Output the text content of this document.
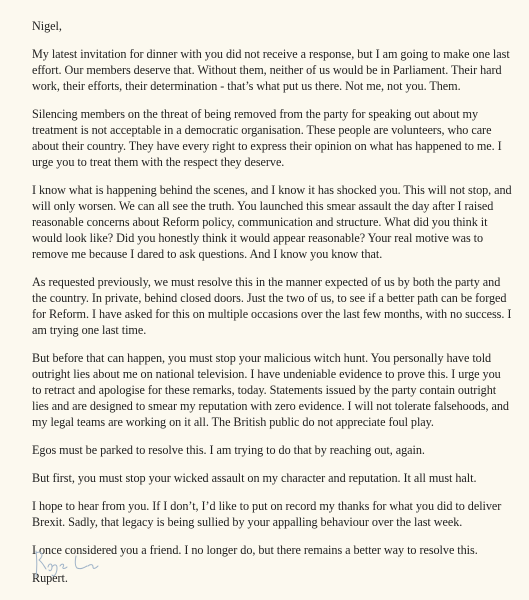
Nigel,

My latest invitation for dinner with you did not receive a response, but I am going to make one last effort. Our members deserve that. Without them, neither of us would be in Parliament. Their hard work, their efforts, their determination - that’s what put us there. Not me, not you. Them.

Silencing members on the threat of being removed from the party for speaking out about my treatment is not acceptable in a democratic organisation. These people are volunteers, who care about their country. They have every right to express their opinion on what has happened to me. I urge you to treat them with the respect they deserve.

I know what is happening behind the scenes, and I know it has shocked you. This will not stop, and will only worsen. We can all see the truth. You launched this smear assault the day after I raised reasonable concerns about Reform policy, communication and structure. What did you think it would look like? Did you honestly think it would appear reasonable? Your real motive was to remove me because I dared to ask questions. And I know you know that.

As requested previously, we must resolve this in the manner expected of us by both the party and the country. In private, behind closed doors. Just the two of us, to see if a better path can be forged for Reform. I have asked for this on multiple occasions over the last few months, with no success. I am trying one last time.

But before that can happen, you must stop your malicious witch hunt. You personally have told outright lies about me on national television. I have undeniable evidence to prove this. I urge you to retract and apologise for these remarks, today. Statements issued by the party contain outright lies and are designed to smear my reputation with zero evidence. I will not tolerate falsehoods, and my legal teams are working on it all. The British public do not appreciate foul play.

Egos must be parked to resolve this. I am trying to do that by reaching out, again.

But first, you must stop your wicked assault on my character and reputation. It all must halt.

I hope to hear from you. If I don’t, I’d like to put on record my thanks for what you did to deliver Brexit. Sadly, that legacy is being sullied by your appalling behaviour over the last week.

I once considered you a friend. I no longer do, but there remains a better way to resolve this.

Rupert.
